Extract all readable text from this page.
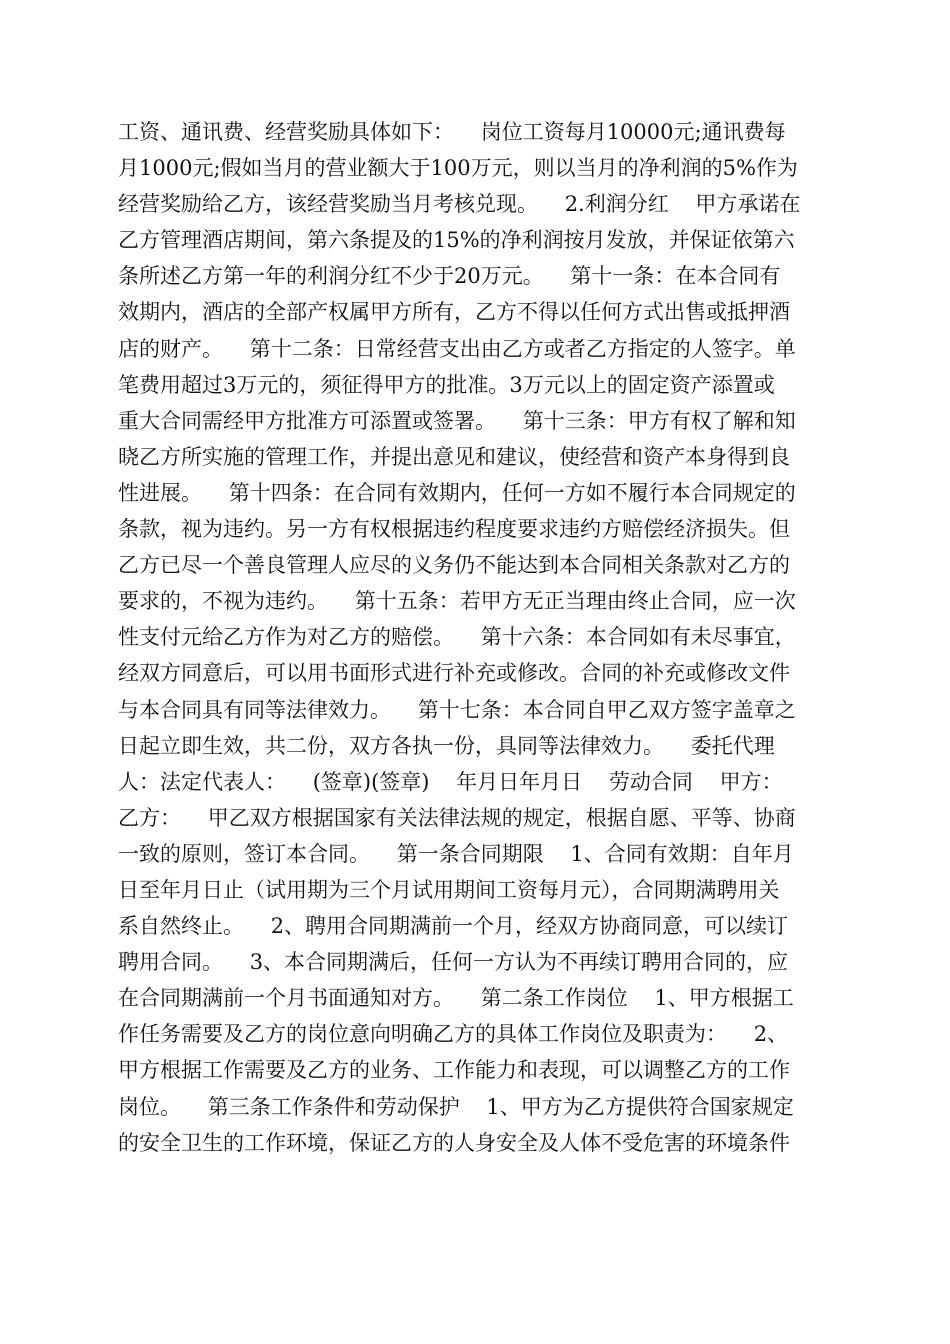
工资、通讯费、经营奖励具体如下：    岗位工资每月10000元;通讯费每
月1000元;假如当月的营业额大于100万元，则以当月的净利润的5%作为
经营奖励给乙方，该经营奖励当月考核兑现。    2.利润分红    甲方承诺在
乙方管理酒店期间，第六条提及的15%的净利润按月发放，并保证依第六
条所述乙方第一年的利润分红不少于20万元。    第十一条：在本合同有
效期内，酒店的全部产权属甲方所有，乙方不得以任何方式出售或抵押酒
店的财产。    第十二条：日常经营支出由乙方或者乙方指定的人签字。单
笔费用超过3万元的，须征得甲方的批准。3万元以上的固定资产添置或
重大合同需经甲方批准方可添置或签署。    第十三条：甲方有权了解和知
晓乙方所实施的管理工作，并提出意见和建议，使经营和资产本身得到良
性进展。    第十四条：在合同有效期内，任何一方如不履行本合同规定的
条款，视为违约。另一方有权根据违约程度要求违约方赔偿经济损失。但
乙方已尽一个善良管理人应尽的义务仍不能达到本合同相关条款对乙方的
要求的，不视为违约。    第十五条：若甲方无正当理由终止合同，应一次
性支付元给乙方作为对乙方的赔偿。    第十六条：本合同如有未尽事宜，
经双方同意后，可以用书面形式进行补充或修改。合同的补充或修改文件
与本合同具有同等法律效力。    第十七条：本合同自甲乙双方签字盖章之
日起立即生效，共二份，双方各执一份，具同等法律效力。    委托代理
人：法定代表人：    (签章)(签章)    年月日年月日    劳动合同    甲方：
乙方：    甲乙双方根据国家有关法律法规的规定，根据自愿、平等、协商
一致的原则，签订本合同。    第一条合同期限    1、合同有效期：自年月
日至年月日止（试用期为三个月试用期间工资每月元），合同期满聘用关
系自然终止。    2、聘用合同期满前一个月，经双方协商同意，可以续订
聘用合同。    3、本合同期满后，任何一方认为不再续订聘用合同的，应
在合同期满前一个月书面通知对方。    第二条工作岗位    1、甲方根据工
作任务需要及乙方的岗位意向明确乙方的具体工作岗位及职责为：    2、
甲方根据工作需要及乙方的业务、工作能力和表现，可以调整乙方的工作
岗位。    第三条工作条件和劳动保护    1、甲方为乙方提供符合国家规定
的安全卫生的工作环境，保证乙方的人身安全及人体不受危害的环境条件
